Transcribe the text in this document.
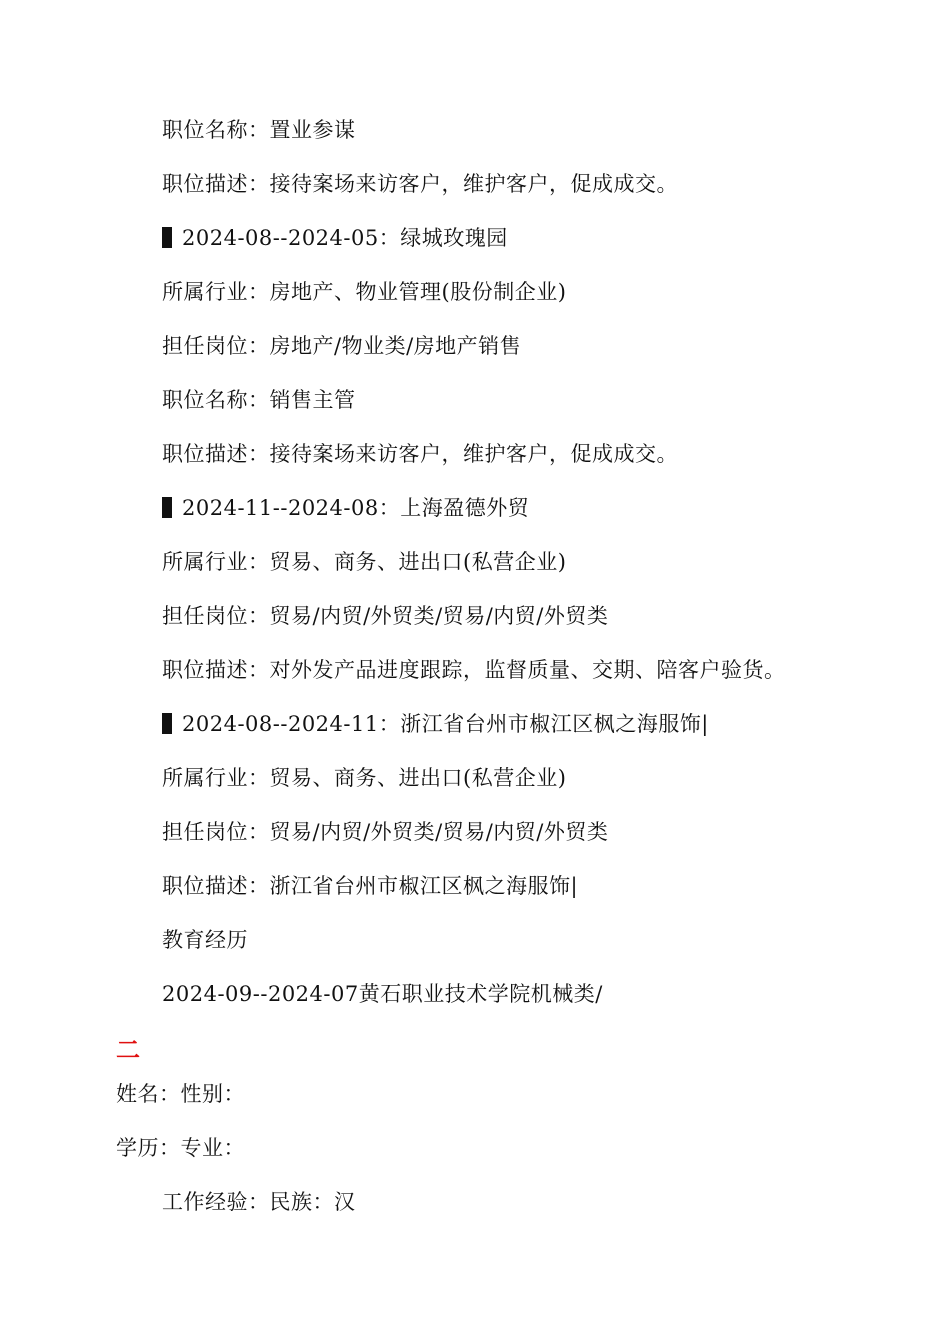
职位名称：置业参谋
职位描述：接待案场来访客户，维护客户，促成成交。
2024-08--2024-05：绿城玫瑰园
所属行业：房地产、物业管理(股份制企业)
担任岗位：房地产/物业类/房地产销售
职位名称：销售主管
职位描述：接待案场来访客户，维护客户，促成成交。
2024-11--2024-08：上海盈德外贸
所属行业：贸易、商务、进出口(私营企业)
担任岗位：贸易/内贸/外贸类/贸易/内贸/外贸类
职位描述：对外发产品进度跟踪，监督质量、交期、陪客户验货。
2024-08--2024-11：浙江省台州市椒江区枫之海服饰|
所属行业：贸易、商务、进出口(私营企业)
担任岗位：贸易/内贸/外贸类/贸易/内贸/外贸类
职位描述：浙江省台州市椒江区枫之海服饰|
教育经历
2024-09--2024-07黄石职业技术学院机械类/
二
姓名：性别：
学历：专业：
工作经验：民族：汉
